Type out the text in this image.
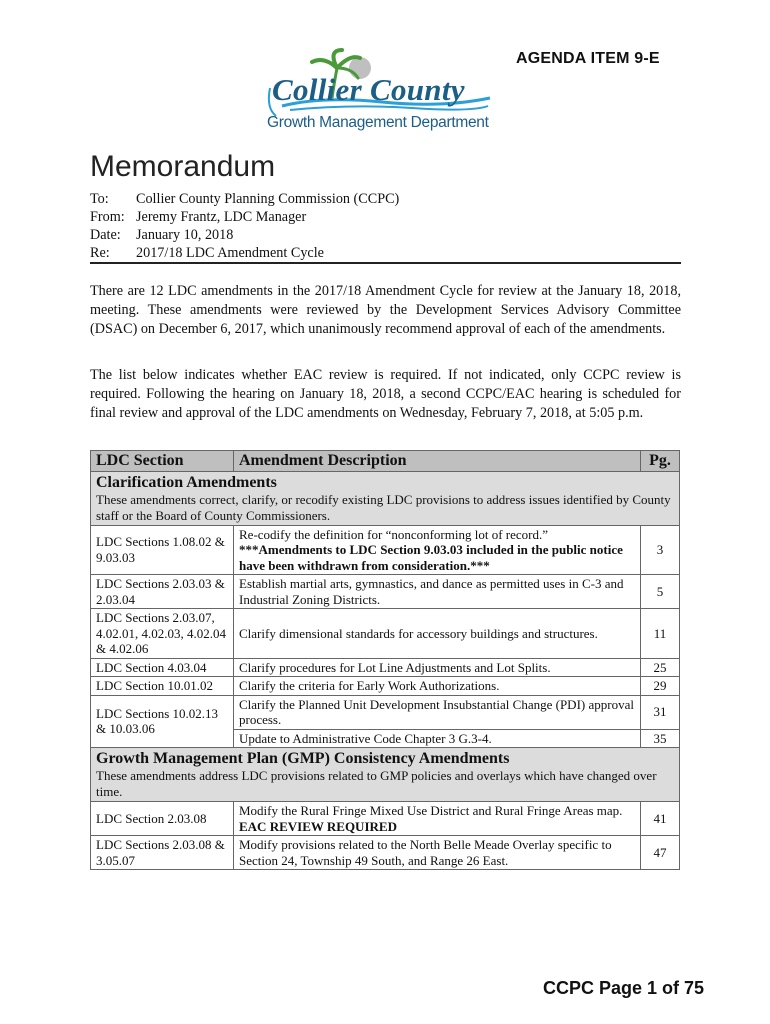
AGENDA ITEM 9-E
Collier County
Growth Management Department
Memorandum
To: Collier County Planning Commission (CCPC)
From: Jeremy Frantz, LDC Manager
Date: January 10, 2018
Re: 2017/18 LDC Amendment Cycle

There are 12 LDC amendments in the 2017/18 Amendment Cycle for review at the January 18, 2018, meeting. These amendments were reviewed by the Development Services Advisory Committee (DSAC) on December 6, 2017, which unanimously recommend approval of each of the amendments.

The list below indicates whether EAC review is required. If not indicated, only CCPC review is required. Following the hearing on January 18, 2018, a second CCPC/EAC hearing is scheduled for final review and approval of the LDC amendments on Wednesday, February 7, 2018, at 5:05 p.m.

LDC Section	Amendment Description	Pg.

Clarification Amendments
These amendments correct, clarify, or recodify existing LDC provisions to address issues identified by County staff or the Board of County Commissioners.		

LDC Sections 1.08.02 & 9.03.03	Re-codify the definition for “nonconforming lot of record.”
***Amendments to LDC Section 9.03.03 included in the public notice have been withdrawn from consideration.***	3
LDC Sections 2.03.03 & 2.03.04	Establish martial arts, gymnastics, and dance as permitted uses in C-3 and Industrial Zoning Districts.	5
LDC Sections 2.03.07, 4.02.01, 4.02.03, 4.02.04 & 4.02.06	Clarify dimensional standards for accessory buildings and structures.	11
LDC Section 4.03.04	Clarify procedures for Lot Line Adjustments and Lot Splits.	25
LDC Section 10.01.02	Clarify the criteria for Early Work Authorizations.	29
LDC Sections 10.02.13 & 10.03.06	Clarify the Planned Unit Development Insubstantial Change (PDI) approval process.	31
	Update to Administrative Code Chapter 3 G.3-4.	35

Growth Management Plan (GMP) Consistency Amendments
These amendments address LDC provisions related to GMP policies and overlays which have changed over time.		

LDC Section 2.03.08	Modify the Rural Fringe Mixed Use District and Rural Fringe Areas map. EAC REVIEW REQUIRED	41
LDC Sections 2.03.08 & 3.05.07	Modify provisions related to the North Belle Meade Overlay specific to Section 24, Township 49 South, and Range 26 East.	47
CCPC Page 1 of 75
